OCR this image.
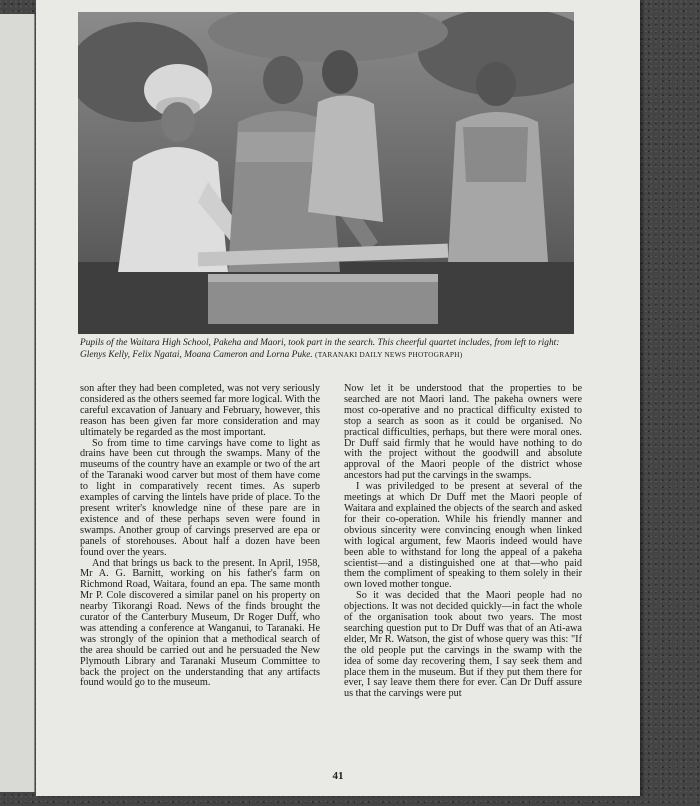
Pupils of the Waitara High School, Pakeha and Maori, took part in the search. This cheerful quartet includes, from left to right: Glenys Kelly, Felix Ngatai, Moana Cameron and Lorna Puke. (TARANAKI DAILY NEWS PHOTOGRAPH)

son after they had been completed, was not very seriously considered as the others seemed far more logical. With the careful excavation of January and February, however, this reason has been given far more consideration and may ultimately be regarded as the most important.

So from time to time carvings have come to light as drains have been cut through the swamps. Many of the museums of the country have an example or two of the art of the Taranaki wood carver but most of them have come to light in comparatively recent times. As superb examples of carving the lintels have pride of place. To the present writer's knowledge nine of these pare are in existence and of these perhaps seven were found in swamps. Another group of carvings preserved are epa or panels of storehouses. About half a dozen have been found over the years.

And that brings us back to the present. In April, 1958, Mr A. G. Barnitt, working on his father's farm on Richmond Road, Waitara, found an epa. The same month Mr P. Cole discovered a similar panel on his property on nearby Tikorangi Road. News of the finds brought the curator of the Canterbury Museum, Dr Roger Duff, who was attending a conference at Wanganui, to Taranaki. He was strongly of the opinion that a methodical search of the area should be carried out and he persuaded the New Plymouth Library and Taranaki Museum Committee to back the project on the understanding that any artifacts found would go to the museum.

Now let it be understood that the properties to be searched are not Maori land. The pakeha owners were most co-operative and no practical difficulty existed to stop a search as soon as it could be organised. No practical difficulties, perhaps, but there were moral ones. Dr Duff said firmly that he would have nothing to do with the project without the goodwill and absolute approval of the Maori people of the district whose ancestors had put the carvings in the swamps.

I was priviledged to be present at several of the meetings at which Dr Duff met the Maori people of Waitara and explained the objects of the search and asked for their co-operation. While his friendly manner and obvious sincerity were convincing enough when linked with logical argument, few Maoris indeed would have been able to withstand for long the appeal of a pakeha scientist—and a distinguished one at that—who paid them the compliment of speaking to them solely in their own loved mother tongue.

So it was decided that the Maori people had no objections. It was not decided quickly—in fact the whole of the organisation took about two years. The most searching question put to Dr Duff was that of an Ati-awa elder, Mr R. Watson, the gist of whose query was this: "If the old people put the carvings in the swamp with the idea of some day recovering them, I say seek them and place them in the museum. But if they put them there for ever, I say leave them there for ever. Can Dr Duff assure us that the carvings were put

41
